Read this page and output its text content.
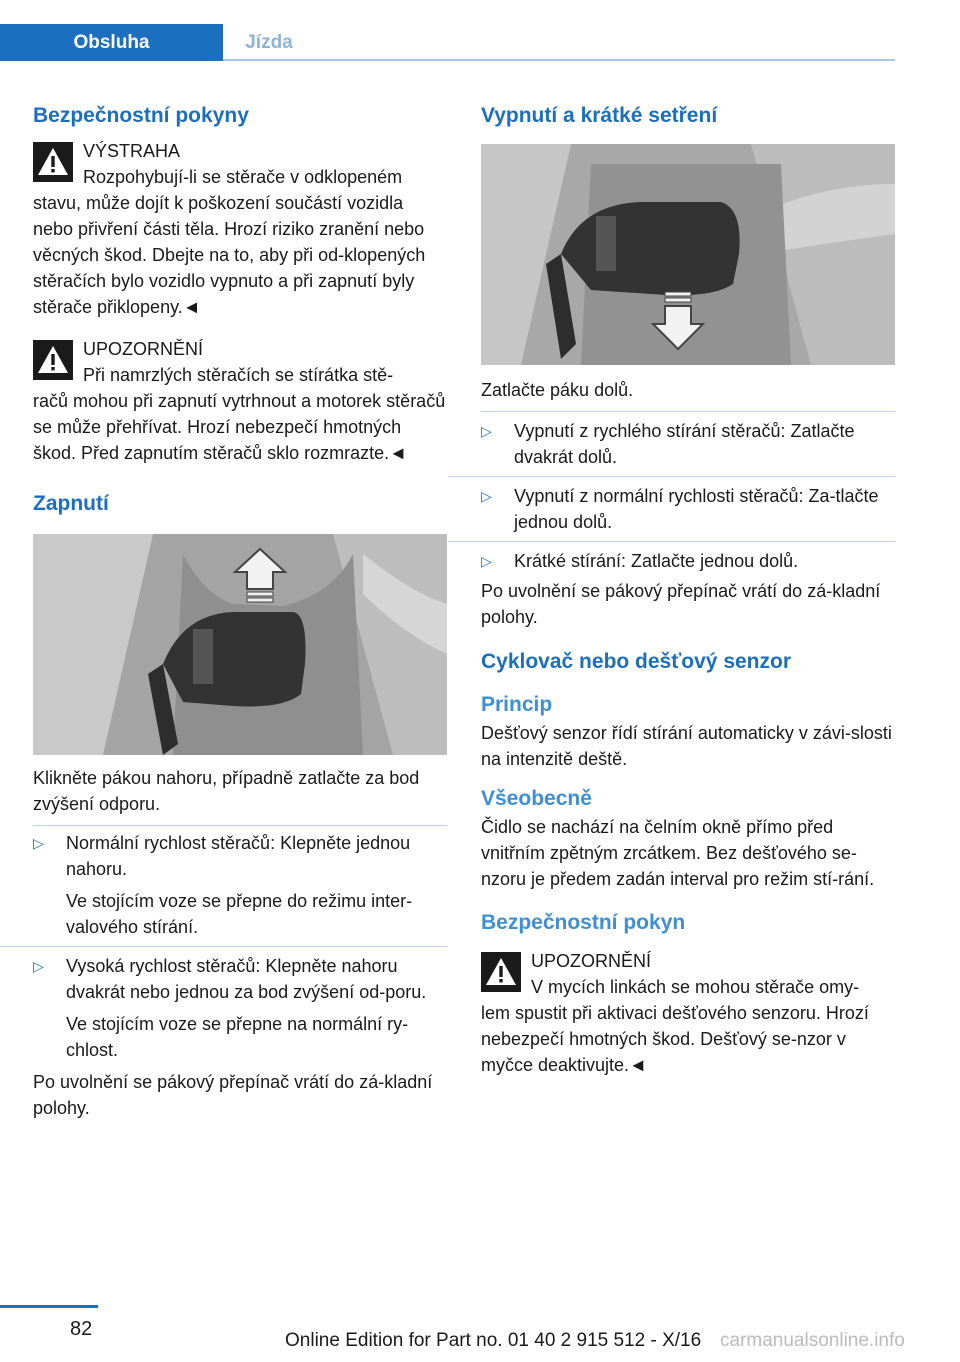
Obsluha	Jízda
Bezpečnostní pokyny
VÝSTRAHA

Rozpohybují-li se stěrače v odklopeném

stavu, může dojít k poškození součástí vozidla nebo přivření části těla. Hrozí riziko zranění nebo věcných škod. Dbejte na to, aby při od-klopených stěračích bylo vozidlo vypnuto a při zapnutí byly stěrače přiklopeny.◄

UPOZORNĚNÍ

Při namrzlých stěračích se stírátka stě-

račů mohou při zapnutí vytrhnout a motorek stěračů se může přehřívat. Hrozí nebezpečí hmotných škod. Před zapnutím stěračů sklo rozmrazte.◄

Zapnutí

Klikněte pákou nahoru, případně zatlačte za bod zvýšení odporu.

▷ Normální rychlost stěračů: Klepněte jednou nahoru.
Ve stojícím voze se přepne do režimu inter-valového stírání.
▷ Vysoká rychlost stěračů: Klepněte nahoru dvakrát nebo jednou za bod zvýšení od-poru.
Ve stojícím voze se přepne na normální ry-chlost.

Po uvolnění se pákový přepínač vrátí do zá-kladní polohy.

Vypnutí a krátké setření

Zatlačte páku dolů.

▷ Vypnutí z rychlého stírání stěračů: Zatlačte dvakrát dolů.
▷ Vypnutí z normální rychlosti stěračů: Za-tlačte jednou dolů.
▷ Krátké stírání: Zatlačte jednou dolů.

Po uvolnění se pákový přepínač vrátí do zá-kladní polohy.

Cyklovač nebo dešťový senzor
Princip

Dešťový senzor řídí stírání automaticky v závi-slosti na intenzitě deště.

Všeobecně

Čidlo se nachází na čelním okně přímo před vnitřním zpětným zrcátkem. Bez dešťového se-nzoru je předem zadán interval pro režim stí-rání.

Bezpečnostní pokyn
UPOZORNĚNÍ

V mycích linkách se mohou stěrače omy-

lem spustit při aktivaci dešťového senzoru. Hrozí nebezpečí hmotných škod. Dešťový se-nzor v myčce deaktivujte.◄

82
Online Edition for Part no. 01 40 2 915 512 - X/16 carmanualsonline.info
